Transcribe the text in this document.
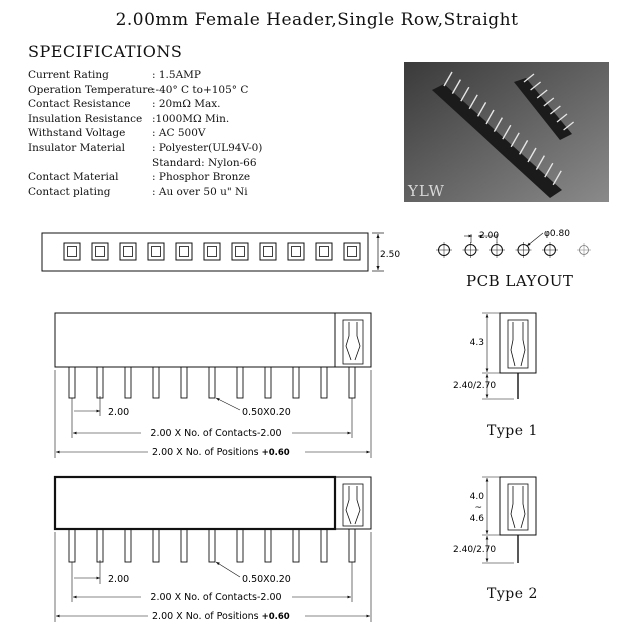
2.00mm Female Header,Single Row,Straight
SPECIFICATIONS
Current Rating	: 1.5AMP
Operation Temperature
:-40° C to+105° C
Contact Resistance	: 20mΩ Max.
Insulation Resistance :1000MΩ Min.
Withstand Voltage	: AC 500V
Insulator Material	: Polyester(UL94V-0)
Standard: Nylon-66
Contact Material	: Phosphor Bronze
Contact plating	: Au over 50 u" Ni	YLW
2.50
2.00	φ0.80
2.00	0.50X0.20
2.00 X No. of Contacts-2.00
2.00 X No. of Positions +0.60
4.3
2.40/2.70
2.00	0.50X0.20
2.00 X No. of Contacts-2.00
2.00 X No. of Positions +0.60
4.0
~
4.6
2.40/2.70
PCB LAYOUT
Type 1
Type 2
